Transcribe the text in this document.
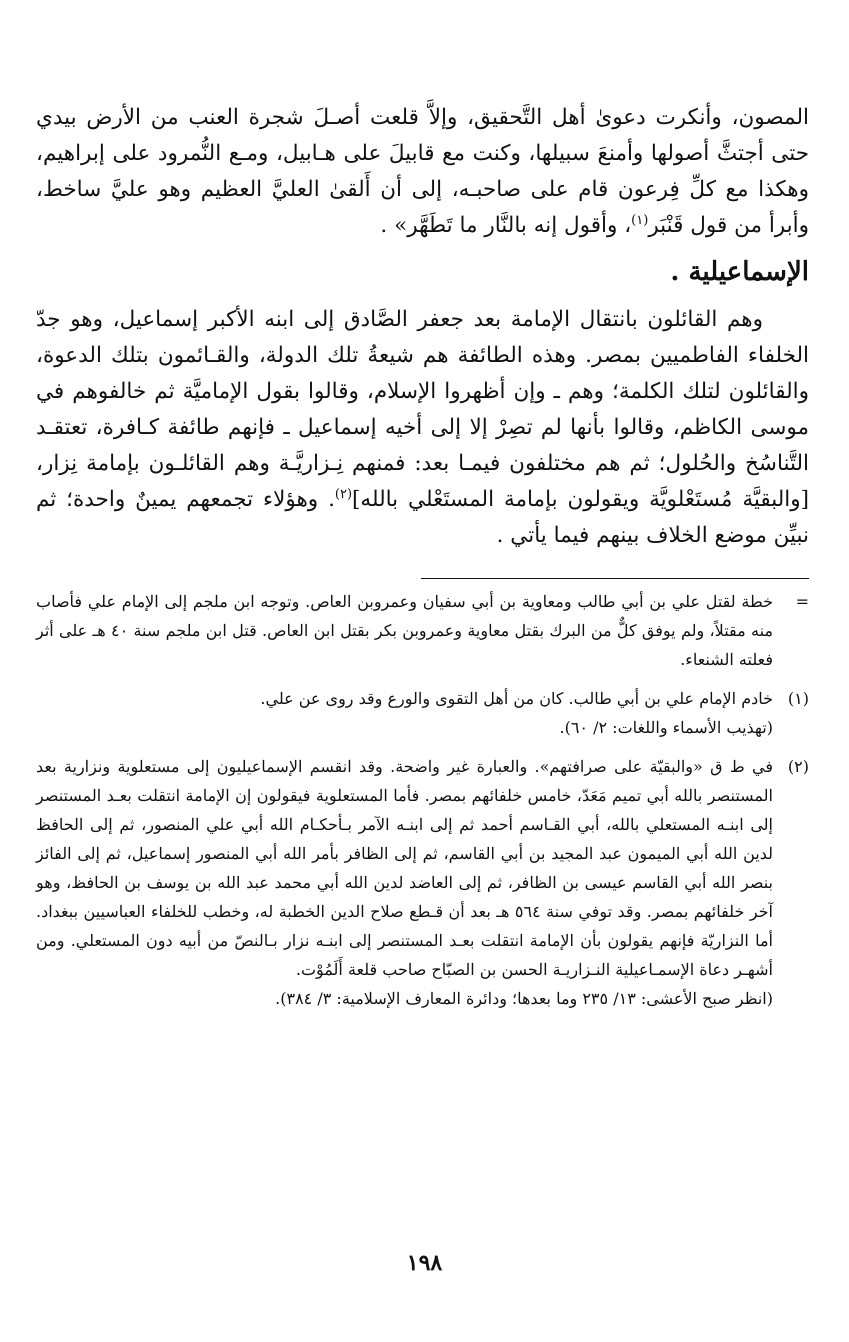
المصون، وأنكرت دعوىٰ أهل التَّحقيق، وإلاَّ قلعت أصـلَ شجرة العنب من الأرض بيدي حتى أجتثَّ أصولها وأمنعَ سبيلها، وكنت مع قابيلَ على هـابيل، ومـع النُّمرود على إبراهيم، وهكذا مع كلِّ فِرعون قام على صاحبـه، إلى أن أَلقىٰ العليَّ العظيم وهو عليَّ ساخط، وأبرأ من قول قَنْبَر$^{(١)}$، وأقول إنه بالنَّار ما تَطَهَّر» .

الإسماعيلية .

وهم القائلون بانتقال الإمامة بعد جعفر الصَّادق إلى ابنه الأكبر إسماعيل، وهو جدّ الخلفاء الفاطميين بمصر. وهذه الطائفة هم شيعةُ تلك الدولة، والقـائمون بتلك الدعوة، والقائلون لتلك الكلمة؛ وهم ـ وإن أظهروا الإسلام، وقالوا بقول الإماميَّة ثم خالفوهم في موسى الكاظم، وقالوا بأنها لم تصِرْ إلا إلى أخيه إسماعيل ـ فإنهم طائفة كـافرة، تعتقـد التَّناسُخ والحُلول؛ ثم هم مختلفون فيمـا بعد: فمنهم نِـزاريَّـة وهم القائلـون بإمامة نِزار، [والبقيَّة مُستَعْلويَّة ويقولون بإمامة المستَعْلي بالله]$^{(٢)}$. وهؤلاء تجمعهم يمينٌ واحدة؛ ثم نبيِّن موضع الخلاف بينهم فيما يأتي .

=

خطة لقتل علي بن أبي طالب ومعاوية بن أبي سفيان وعمروبن العاص. وتوجه ابن ملجم إلى الإمام علي فأصاب منه مقتلاً، ولم يوفق كلٌّ من البرك بقتل معاوية وعمروبن بكر بقتل ابن العاص. قتل ابن ملجم سنة ٤٠ هـ على أثر فعلته الشنعاء.

(١)

خادم الإمام علي بن أبي طالب. كان من أهل التقوى والورع وقد روى عن علي.

(تهذيب الأسماء واللغات: ٢/ ٦٠).

(٢)

في ط ق «والبقيّة على صرافتهم». والعبارة غير واضحة. وقد انقسم الإسماعيليون إلى مستعلوية ونزارية بعد المستنصر بالله أبي تميم مَعَدّ، خامس خلفائهم بمصر. فأما المستعلوية فيقولون إن الإمامة انتقلت بعـد المستنصر إلى ابنـه المستعلي بالله، أبي القـاسم أحمد ثم إلى ابنـه الآمر بـأحكـام الله أبي علي المنصور، ثم إلى الحافظ لدين الله أبي الميمون عبد المجيد بن أبي القاسم، ثم إلى الظافر بأمر الله أبي المنصور إسماعيل، ثم إلى الفائز بنصر الله أبي القاسم عيسى بن الظافر، ثم إلى العاضد لدين الله أبي محمد عبد الله بن يوسف بن الحافظ، وهو آخر خلفائهم بمصر. وقد توفي سنة ٥٦٤ هـ بعد أن قـطع صلاح الدين الخطبة له، وخطب للخلفاء العباسيين ببغداد. أما النزاريّة فإنهم يقولون بأن الإمامة انتقلت بعـد المستنصر إلى ابنـه نزار بـالنصّ من أبيه دون المستعلي. ومن أشهـر دعاة الإسمـاعيلية النـزاريـة الحسن بن الصبّاح صاحب قلعة أَلَمُوْت.

(انظر صبح الأعشى: ١٣/ ٢٣٥ وما بعدها؛ ودائرة المعارف الإسلامية: ٣/ ٣٨٤).

١٩٨
